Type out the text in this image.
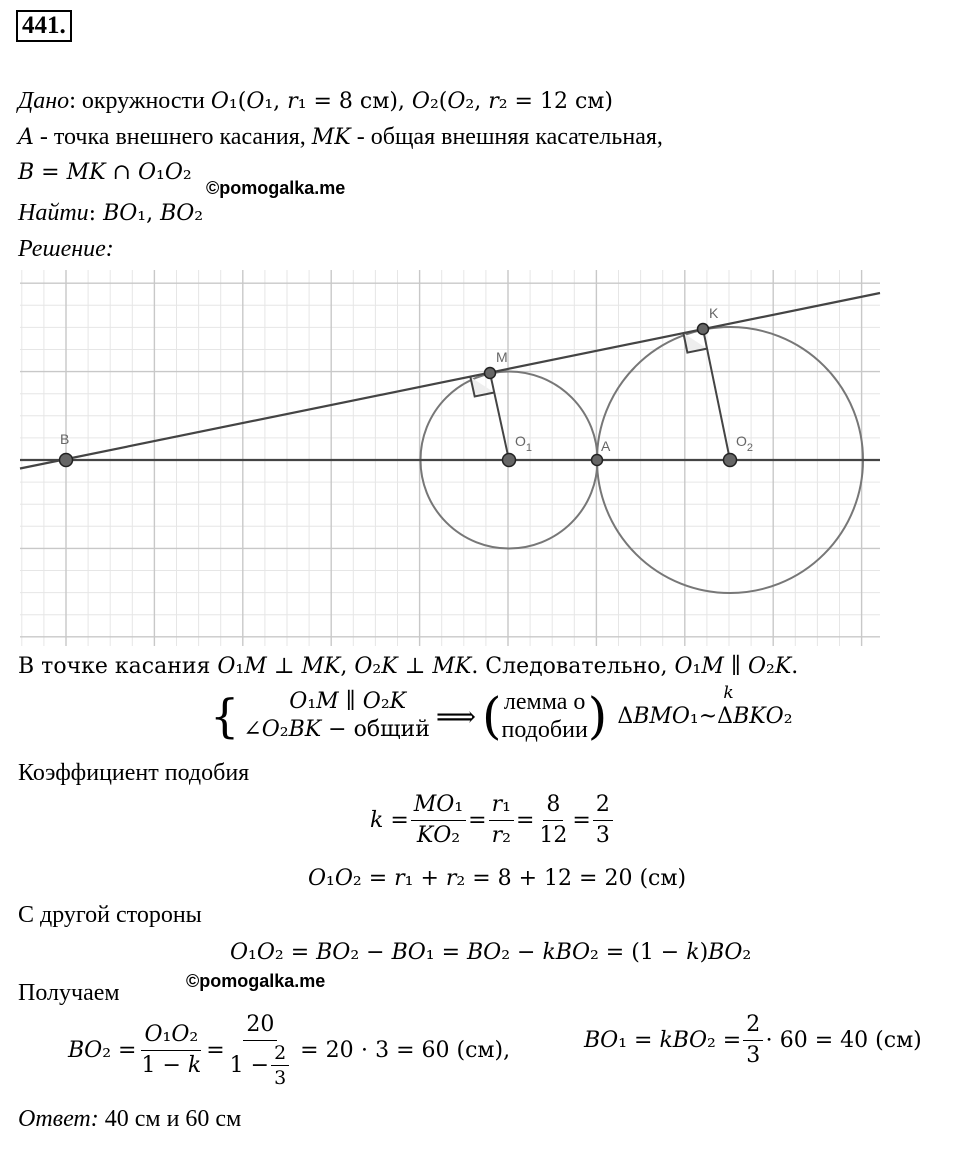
441.
Дано: окружности 𝑂₁(𝑂₁, 𝑟₁ = 8 см), 𝑂₂(𝑂₂, 𝑟₂ = 12 см)
𝐴 - точка внешнего касания, 𝑀𝐾 - общая внешняя касательная,
𝐵 = 𝑀𝐾 ∩ 𝑂₁𝑂₂
©pomogalka.me
Найти: 𝐵𝑂₁, 𝐵𝑂₂
Решение:
B
M
K
$O_1$	A	$O_2$
В точке касания 𝑂₁𝑀 ⊥ 𝑀𝐾, 𝑂₂𝐾 ⊥ 𝑀𝐾. Следовательно, 𝑂₁𝑀 ∥ 𝑂₂𝐾.
{	𝑂₁𝑀 ∥ 𝑂₂𝐾
∠𝑂₂𝐵𝐾 − общий ⟹ ( лемма о
подобии ) Δ𝐵𝑀𝑂₁~Δ𝐵𝐾𝑂₂
𝑘
Коэффициент подобия
𝑘 = $\frac{\text{𝑀𝑂₁}}{\text{𝐾𝑂₂}} = \frac{\text{𝑟₁}}{\text{𝑟₂}} = \frac{8}{12} = \frac{2}{3}$
𝑂₁𝑂₂ = 𝑟₁ + 𝑟₂ = 8 + 12 = 20 (см)
С другой стороны
𝑂₁𝑂₂ = 𝐵𝑂₂ − 𝐵𝑂₁ = 𝐵𝑂₂ − 𝑘𝐵𝑂₂ = (1 − 𝑘)𝐵𝑂₂
©pomogalka.me
Получаем
𝐵𝑂₂ = $\frac{\text{𝑂₁𝑂₂}}{\text{1 − 𝑘}} = \frac{20}{1 - \frac{2}{3}} = 20 \cdot 3 = 60$ (см),	𝐵𝑂₁ = 𝑘𝐵𝑂₂ = $\frac{2}{3} \cdot 60 = 40$ (см)
Ответ: 40 см и 60 см
